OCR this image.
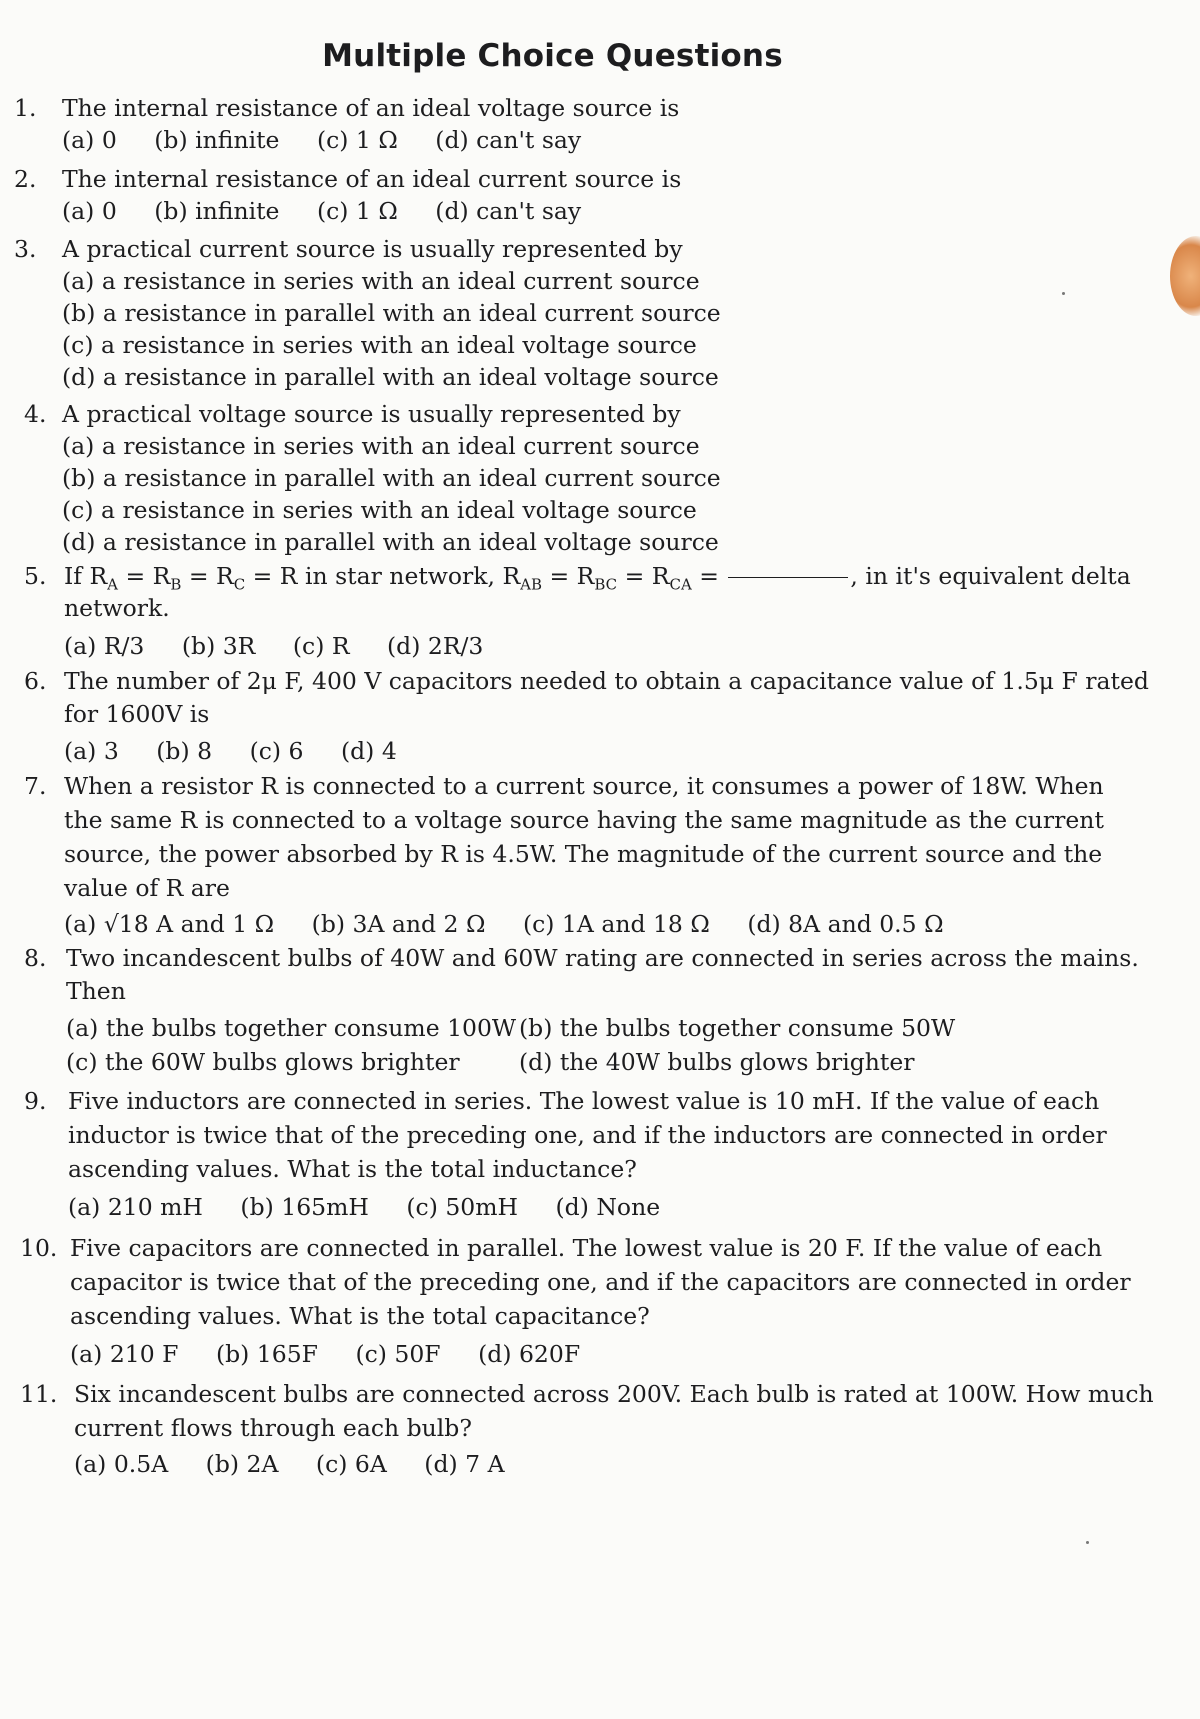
Multiple Choice Questions
1. The internal resistance of an ideal voltage source is
(a) 0 (b) infinite (c) 1 Ω (d) can't say
2. The internal resistance of an ideal current source is
(a) 0 (b) infinite (c) 1 Ω (d) can't say
3. A practical current source is usually represented by
(a) a resistance in series with an ideal current source
(b) a resistance in parallel with an ideal current source
(c) a resistance in series with an ideal voltage source
(d) a resistance in parallel with an ideal voltage source
4. A practical voltage source is usually represented by
(a) a resistance in series with an ideal current source
(b) a resistance in parallel with an ideal current source
(c) a resistance in series with an ideal voltage source
(d) a resistance in parallel with an ideal voltage source
5. If $R_A = R_B = R_C = R$ in star network, $R_{AB} = R_{BC} = R_{CA}$ =	, in it's equivalent delta
network.
(a) R/3 (b) 3R (c) R (d) 2R/3
6. The number of 2μ F, 400 V capacitors needed to obtain a capacitance value of 1.5μ F rated
for 1600V is
(a) 3 (b) 8 (c) 6 (d) 4
7. When a resistor R is connected to a current source, it consumes a power of 18W. When
the same R is connected to a voltage source having the same magnitude as the current
source, the power absorbed by R is 4.5W. The magnitude of the current source and the
value of R are
(a) √18 A and 1 Ω (b) 3A and 2 Ω (c) 1A and 18 Ω (d) 8A and 0.5 Ω
8. Two incandescent bulbs of 40W and 60W rating are connected in series across the mains.
Then
(a) the bulbs together consume 100W (b) the bulbs together consume 50W
(c) the 60W bulbs glows brighter	(d) the 40W bulbs glows brighter
9. Five inductors are connected in series. The lowest value is 10 mH. If the value of each
inductor is twice that of the preceding one, and if the inductors are connected in order
ascending values. What is the total inductance?
(a) 210 mH (b) 165mH (c) 50mH (d) None
10. Five capacitors are connected in parallel. The lowest value is 20 F. If the value of each
capacitor is twice that of the preceding one, and if the capacitors are connected in order
ascending values. What is the total capacitance?
(a) 210 F (b) 165F (c) 50F (d) 620F
11. Six incandescent bulbs are connected across 200V. Each bulb is rated at 100W. How much
current flows through each bulb?
(a) 0.5A (b) 2A (c) 6A (d) 7 A
